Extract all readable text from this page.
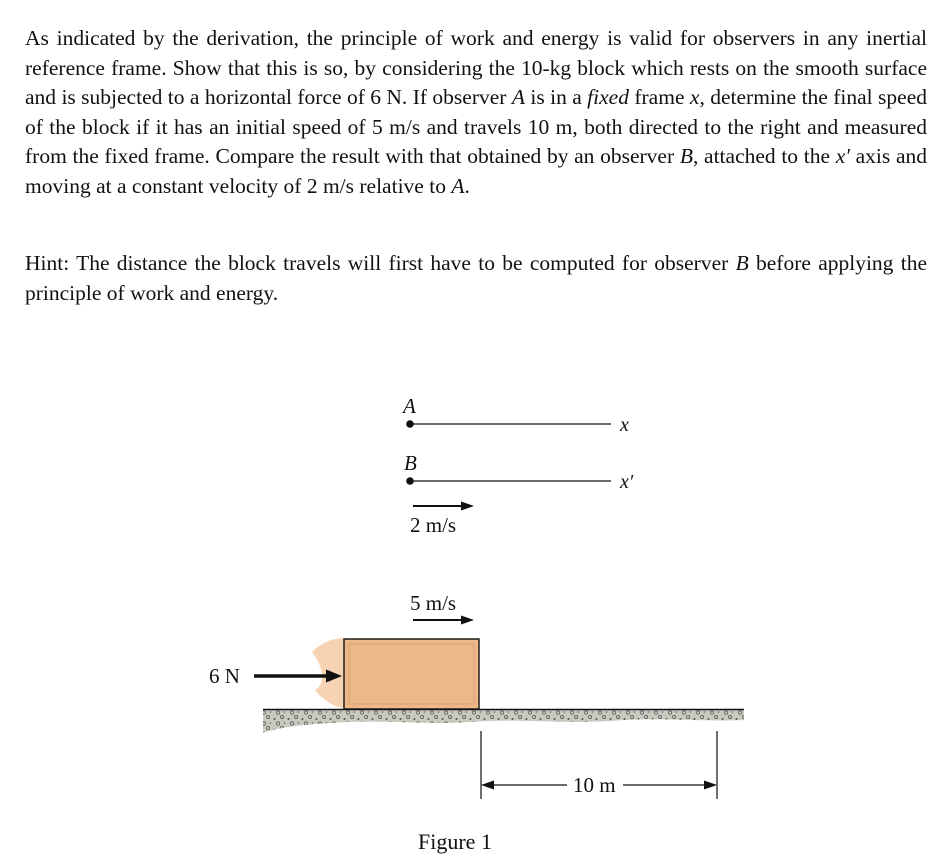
As indicated by the derivation, the principle of work and energy is valid for observers in any inertial reference frame. Show that this is so, by considering the 10-kg block which rests on the smooth surface and is subjected to a horizontal force of 6 N. If observer A is in a fixed frame x, determine the final speed of the block if it has an initial speed of 5 m/s and travels 10 m, both directed to the right and measured from the fixed frame. Compare the result with that obtained by an observer B, attached to the x′ axis and moving at a constant velocity of 2 m/s relative to A.
Hint: The distance the block travels will first have to be computed for observer B before applying the principle of work and energy.
A
x
B
x′
2 m/s
5 m/s
6 N
10 m
Figure 1
